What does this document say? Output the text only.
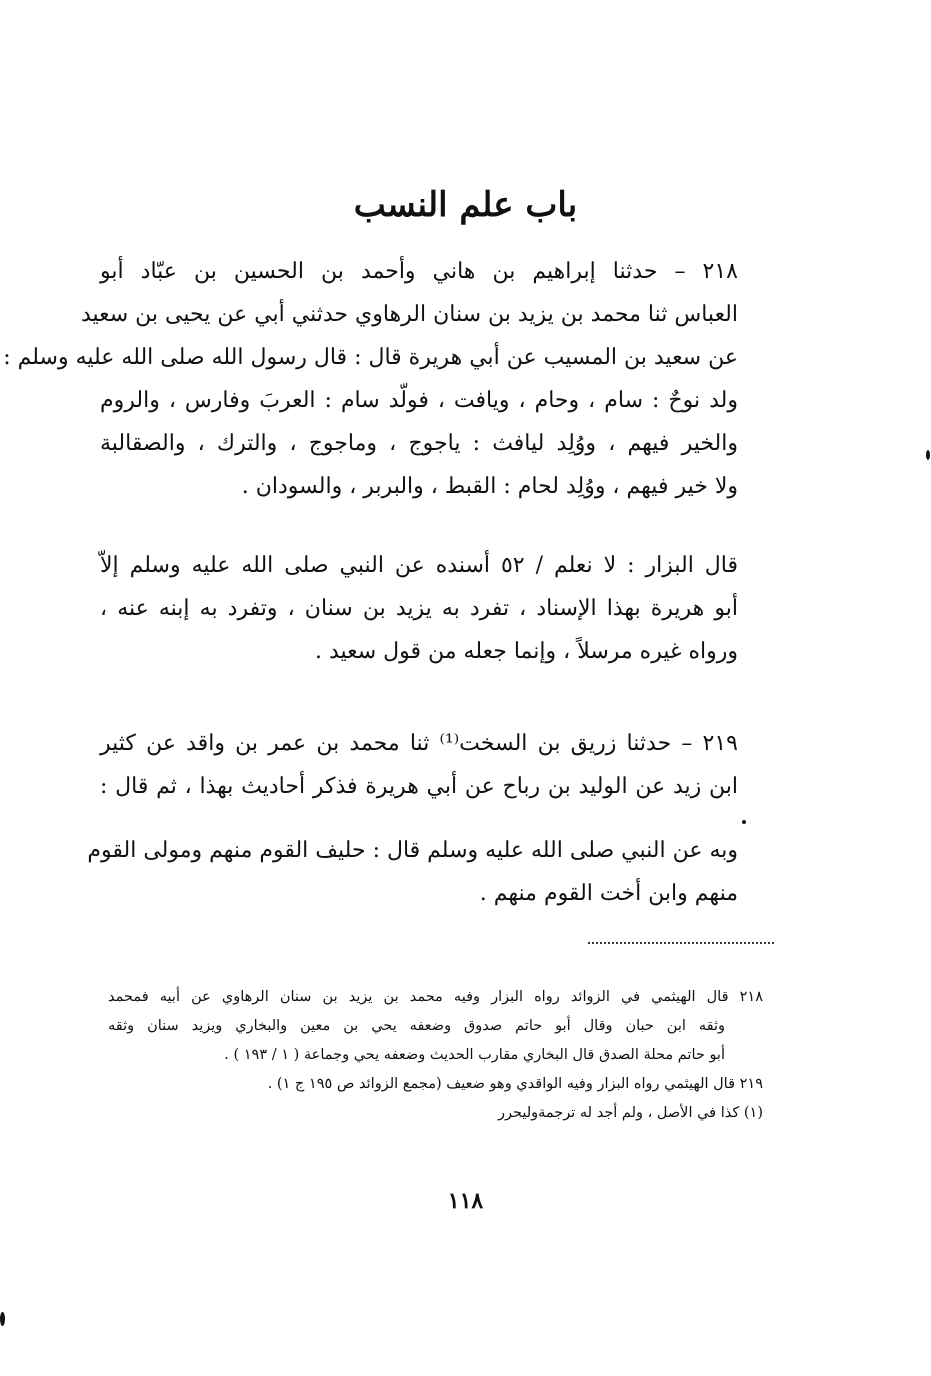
باب علم النسب
٢١٨ – حدثنا إبراهيم بن هاني وأحمد بن الحسين بن عبّاد أبو
العباس ثنا محمد بن يزيد بن سنان الرهاوي حدثني أبي عن يحيى بن سعيد
عن سعيد بن المسيب عن أبي هريرة قال : قال رسول الله صلى الله عليه وسلم :
ولد نوحٌ : سام ، وحام ، ويافت ، فولّد سام : العربَ وفارس ، والروم
والخير فيهم ، ووُلِد ليافث : ياجوج ، وماجوج ، والترك ، والصقالبة
ولا خير فيهم ، ووُلِد لحام : القبط ، والبربر ، والسودان .
قال البزار : لا نعلم / ٥٢ أسنده عن النبي صلى الله عليه وسلم إلاّ
أبو هريرة بهذا الإسناد ، تفرد به يزيد بن سنان ، وتفرد به إبنه عنه ،
ورواه غيره مرسلاً ، وإنما جعله من قول سعيد .
٢١٩ – حدثنا زريق بن السخت⁽¹⁾ ثنا محمد بن عمر بن واقد عن كثير
ابن زيد عن الوليد بن رباح عن أبي هريرة فذكر أحاديث بهذا ، ثم قال :
وبه عن النبي صلى الله عليه وسلم قال : حليف القوم منهم ومولى القوم
منهم وابن أخت القوم منهم .
٢١٨ قال الهيثمي في الزوائد رواه البزار وفيه محمد بن يزيد بن سنان الرهاوي عن أبيه فمحمد
وثقه ابن حبان وقال أبو حاتم صدوق وضعفه يحي بن معين والبخاري ويزيد سنان وثقه
أبو حاتم محلة الصدق قال البخاري مقارب الحديث وضعفه يحي وجماعة ( ١ / ١٩٣ ) .
٢١٩ قال الهيثمي رواه البزار وفيه الواقدي وهو ضعيف (مجمع الزوائد ص ١٩٥ ج ١) .
(١) كذا في الأصل ، ولم أجد له ترجمةوليحرر
١١٨
